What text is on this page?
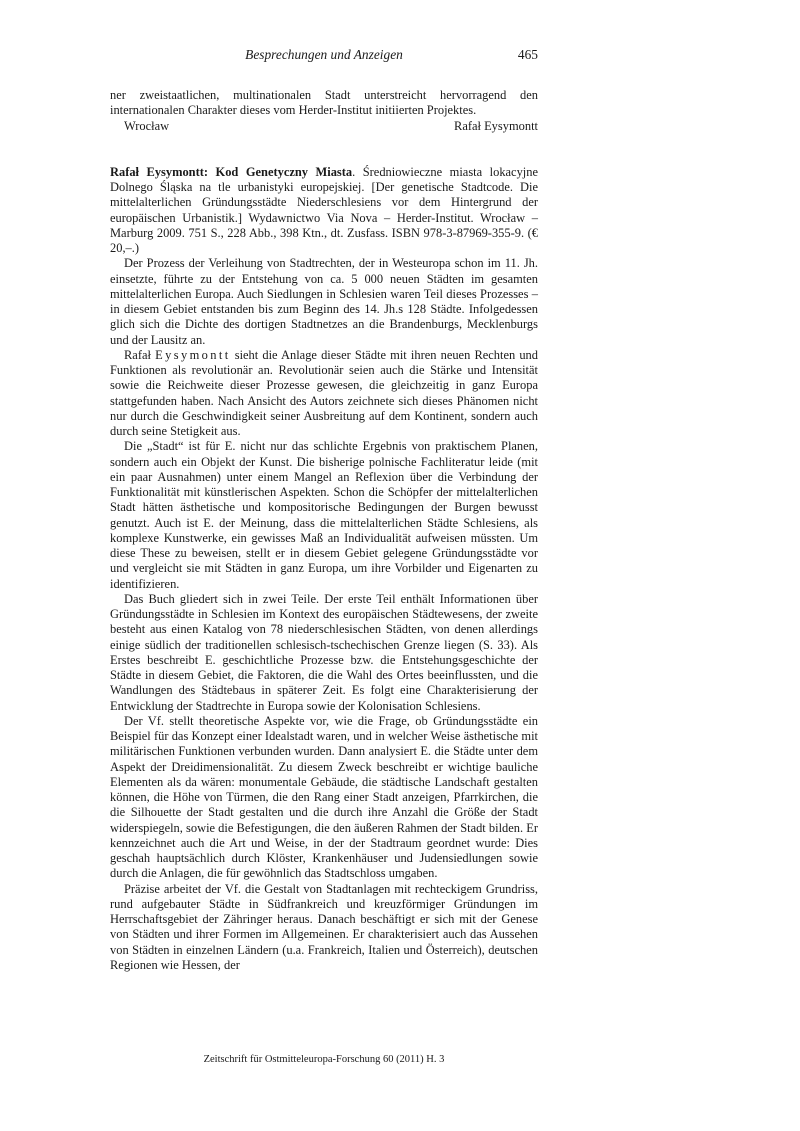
Besprechungen und Anzeigen	465

ner zweistaatlichen, multinationalen Stadt unterstreicht hervorragend den internationalen Charakter dieses vom Herder-Institut initiierten Projektes.

Wrocław	Rafał Eysymontt

Rafał Eysymontt: Kod Genetyczny Miasta. Średniowieczne miasta lokacyjne Dolnego Śląska na tle urbanistyki europejskiej. [Der genetische Stadtcode. Die mittelalterlichen Gründungsstädte Niederschlesiens vor dem Hintergrund der europäischen Urbanistik.] Wydawnictwo Via Nova – Herder-Institut. Wrocław – Marburg 2009. 751 S., 228 Abb., 398 Ktn., dt. Zusfass. ISBN 978-3-87969-355-9. (€ 20,–.)

Der Prozess der Verleihung von Stadtrechten, der in Westeuropa schon im 11. Jh. einsetzte, führte zu der Entstehung von ca. 5 000 neuen Städten im gesamten mittelalterlichen Europa. Auch Siedlungen in Schlesien waren Teil dieses Prozesses – in diesem Gebiet entstanden bis zum Beginn des 14. Jh.s 128 Städte. Infolgedessen glich sich die Dichte des dortigen Stadtnetzes an die Brandenburgs, Mecklenburgs und der Lausitz an.

Rafał Eysymontt sieht die Anlage dieser Städte mit ihren neuen Rechten und Funktionen als revolutionär an. Revolutionär seien auch die Stärke und Intensität sowie die Reichweite dieser Prozesse gewesen, die gleichzeitig in ganz Europa stattgefunden haben. Nach Ansicht des Autors zeichnete sich dieses Phänomen nicht nur durch die Geschwindigkeit seiner Ausbreitung auf dem Kontinent, sondern auch durch seine Stetigkeit aus.

Die „Stadt“ ist für E. nicht nur das schlichte Ergebnis von praktischem Planen, sondern auch ein Objekt der Kunst. Die bisherige polnische Fachliteratur leide (mit ein paar Ausnahmen) unter einem Mangel an Reflexion über die Verbindung der Funktionalität mit künstlerischen Aspekten. Schon die Schöpfer der mittelalterlichen Stadt hätten ästhetische und kompositorische Bedingungen der Burgen bewusst genutzt. Auch ist E. der Meinung, dass die mittelalterlichen Städte Schlesiens, als komplexe Kunstwerke, ein gewisses Maß an Individualität aufweisen müssten. Um diese These zu beweisen, stellt er in diesem Gebiet gelegene Gründungsstädte vor und vergleicht sie mit Städten in ganz Europa, um ihre Vorbilder und Eigenarten zu identifizieren.

Das Buch gliedert sich in zwei Teile. Der erste Teil enthält Informationen über Gründungsstädte in Schlesien im Kontext des europäischen Städtewesens, der zweite besteht aus einen Katalog von 78 niederschlesischen Städten, von denen allerdings einige südlich der traditionellen schlesisch-tschechischen Grenze liegen (S. 33). Als Erstes beschreibt E. geschichtliche Prozesse bzw. die Entstehungsgeschichte der Städte in diesem Gebiet, die Faktoren, die die Wahl des Ortes beeinflussten, und die Wandlungen des Städtebaus in späterer Zeit. Es folgt eine Charakterisierung der Entwicklung der Stadtrechte in Europa sowie der Kolonisation Schlesiens.

Der Vf. stellt theoretische Aspekte vor, wie die Frage, ob Gründungsstädte ein Beispiel für das Konzept einer Idealstadt waren, und in welcher Weise ästhetische mit militärischen Funktionen verbunden wurden. Dann analysiert E. die Städte unter dem Aspekt der Dreidimensionalität. Zu diesem Zweck beschreibt er wichtige bauliche Elementen als da wären: monumentale Gebäude, die städtische Landschaft gestalten können, die Höhe von Türmen, die den Rang einer Stadt anzeigen, Pfarrkirchen, die die Silhouette der Stadt gestalten und die durch ihre Anzahl die Größe der Stadt widerspiegeln, sowie die Befestigungen, die den äußeren Rahmen der Stadt bilden. Er kennzeichnet auch die Art und Weise, in der der Stadtraum geordnet wurde: Dies geschah hauptsächlich durch Klöster, Krankenhäuser und Judensiedlungen sowie durch die Anlagen, die für gewöhnlich das Stadtschloss umgaben.

Präzise arbeitet der Vf. die Gestalt von Stadtanlagen mit rechteckigem Grundriss, rund aufgebauter Städte in Südfrankreich und kreuzförmiger Gründungen im Herrschaftsgebiet der Zähringer heraus. Danach beschäftigt er sich mit der Genese von Städten und ihrer Formen im Allgemeinen. Er charakterisiert auch das Aussehen von Städten in einzelnen Ländern (u.a. Frankreich, Italien und Österreich), deutschen Regionen wie Hessen, der

Zeitschrift für Ostmitteleuropa-Forschung 60 (2011) H. 3
